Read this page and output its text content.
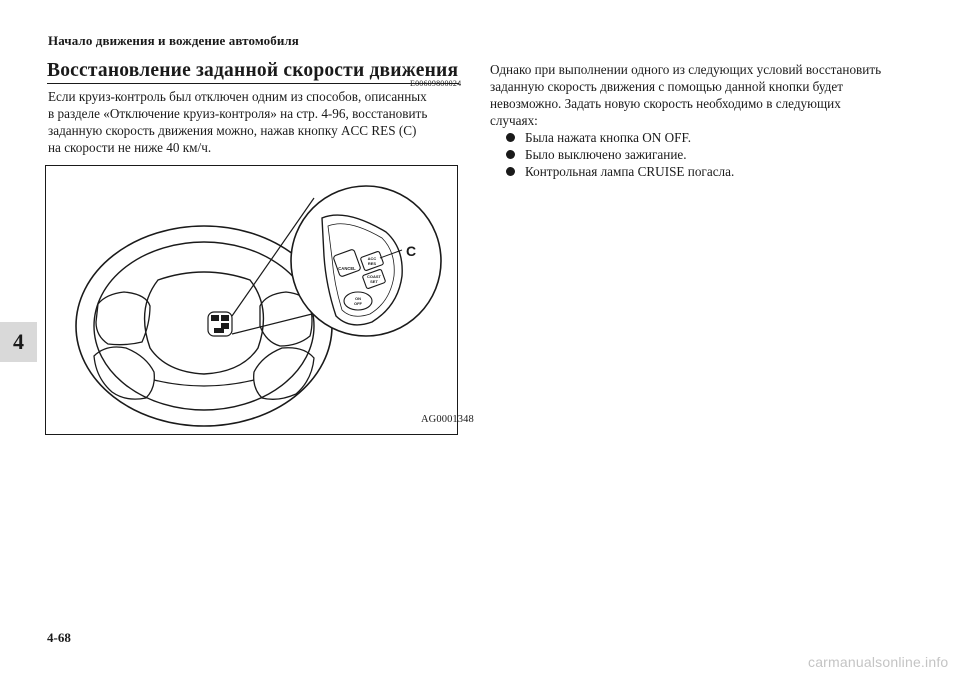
Начало движения и вождение автомобиля
Восстановление заданной скорости движения
E00609800024
Если круиз-контроль был отключен одним из способов, описанных
в разделе «Отключение круиз-контроля» на стр. 4-96, восстановить
заданную скорость движения можно, нажав кнопку ACC RES (C)
на скорости не ниже 40 км/ч.
CANCEL
ACC
RES
COAST
SET
ON
OFF
C
AG0001348
Однако при выполнении одного из следующих условий восстановить
заданную скорость движения с помощью данной кнопки будет
невозможно. Задать новую скорость необходимо в следующих
случаях:
Была нажата кнопка ON OFF.
Было выключено зажигание.
Контрольная лампа CRUISE погасла.
4
4-68
carmanualsonline.info
